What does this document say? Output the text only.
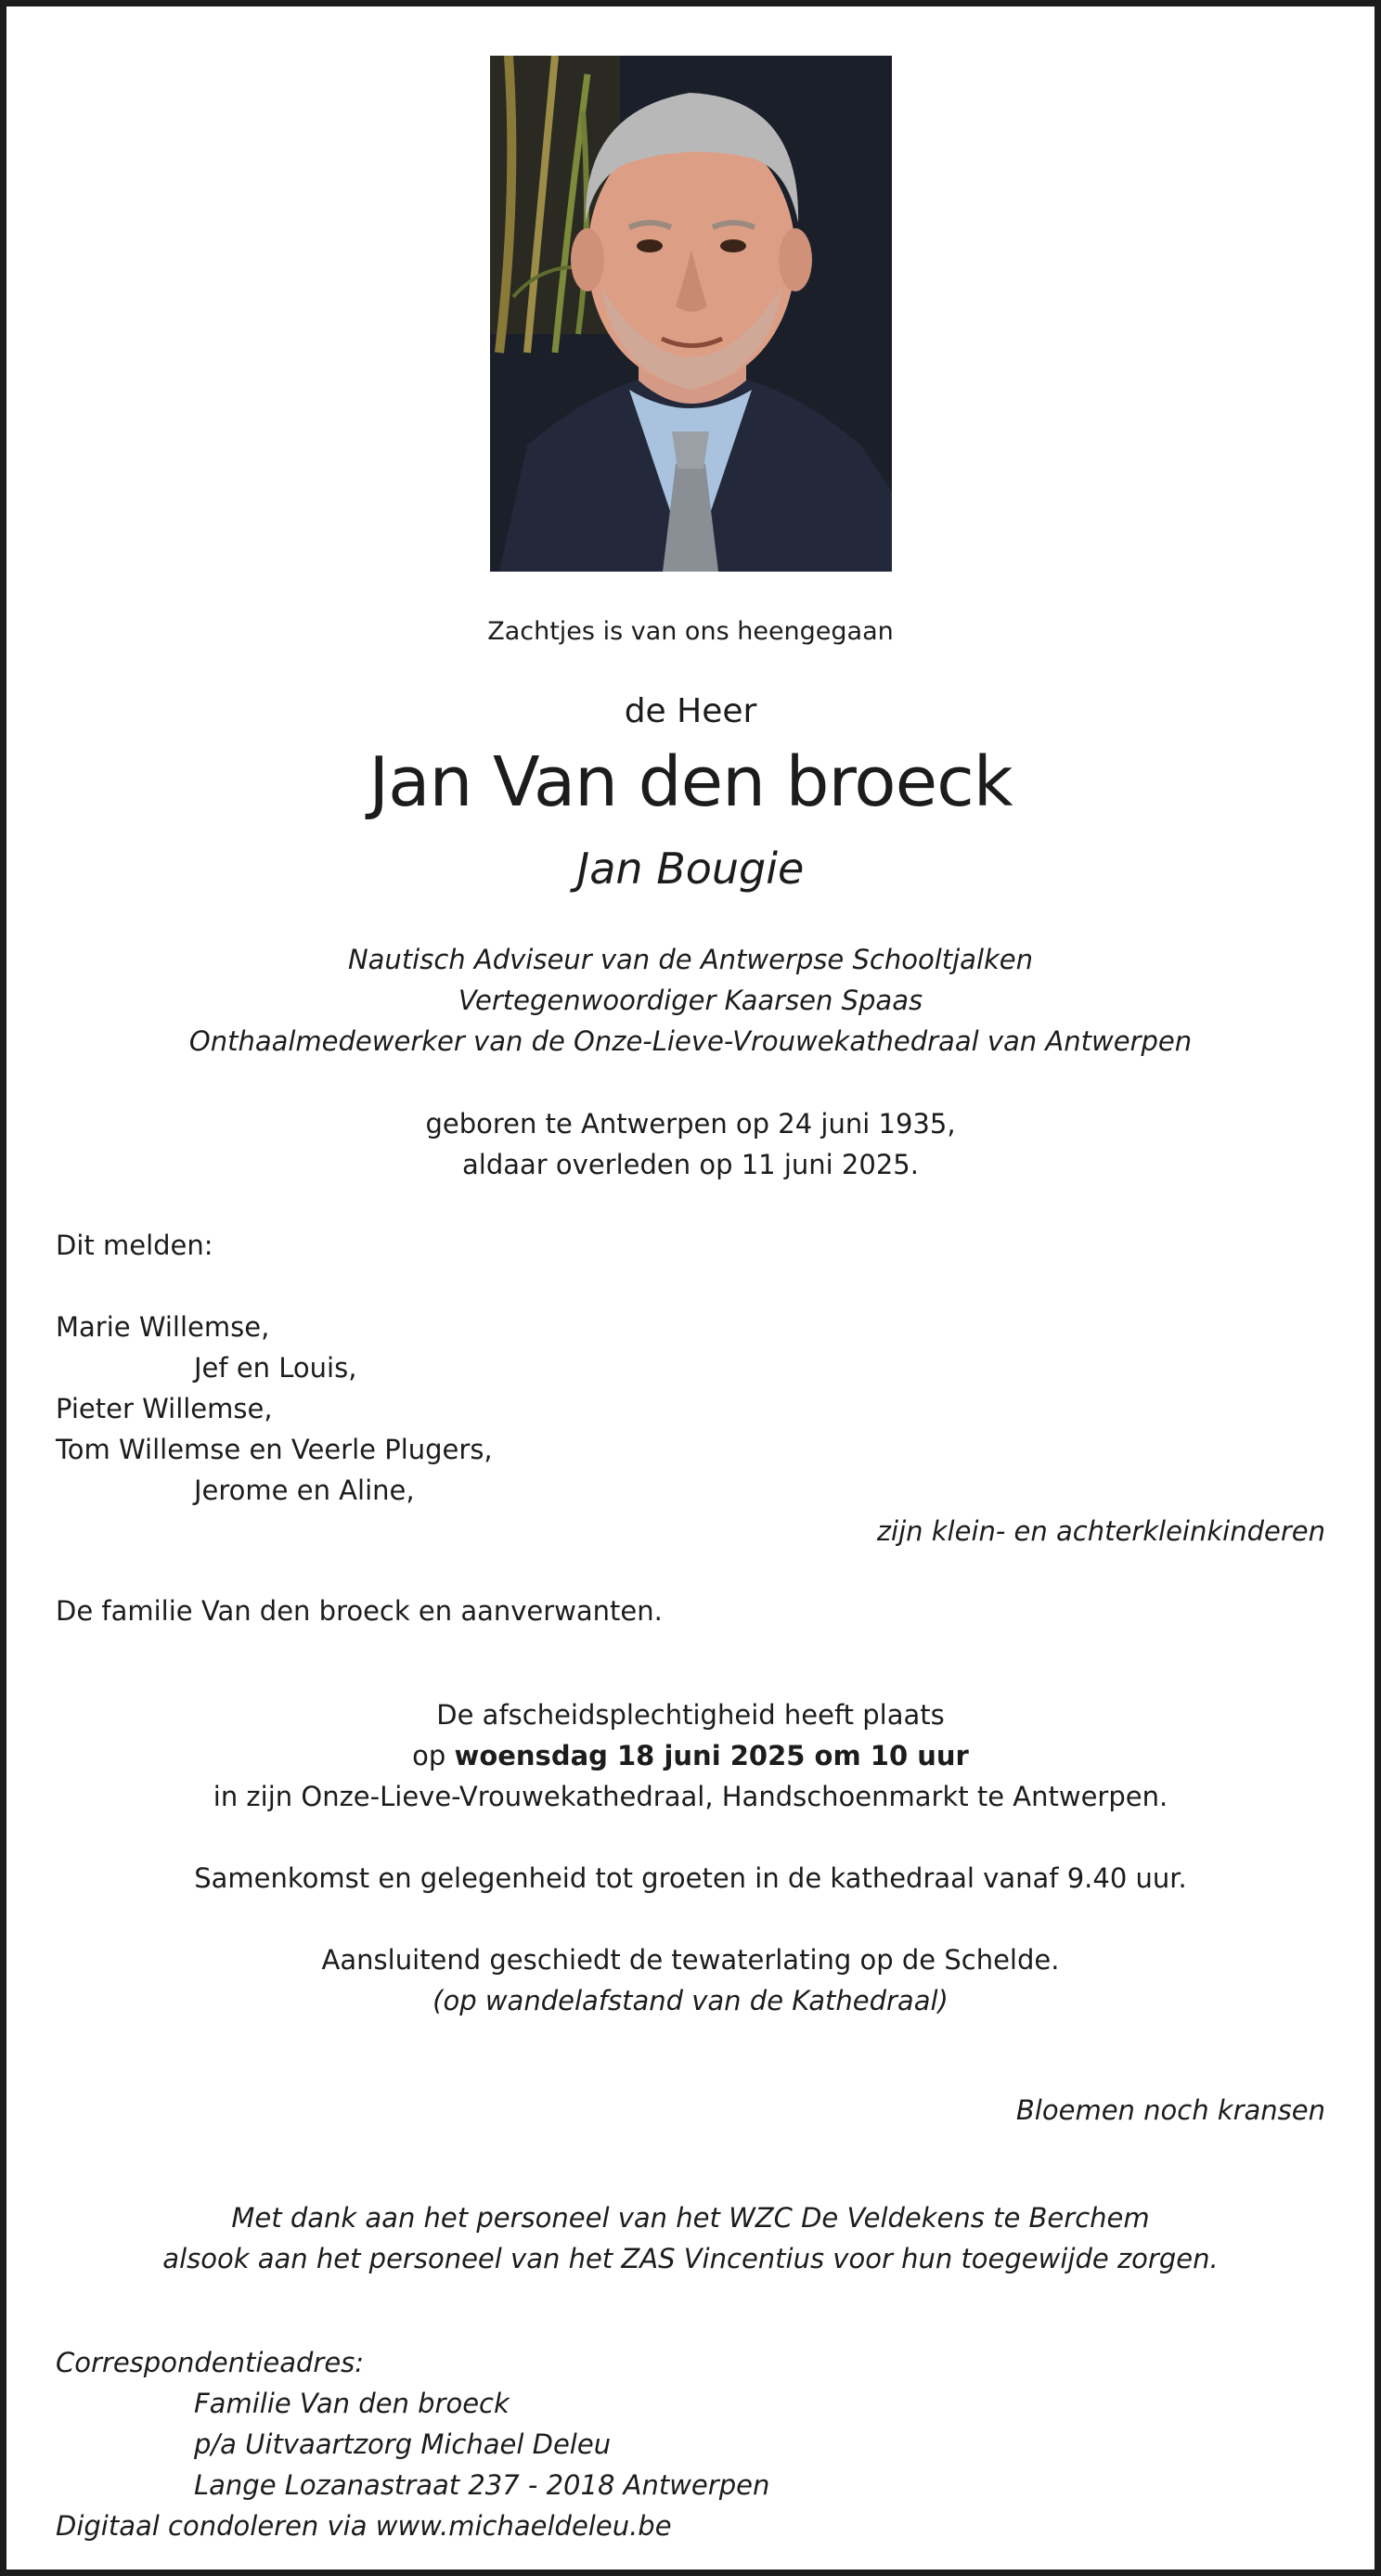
Zachtjes is van ons heengegaan
de Heer
Jan Van den broeck
Jan Bougie
Nautisch Adviseur van de Antwerpse Schooltjalken
Vertegenwoordiger Kaarsen Spaas
Onthaalmedewerker van de Onze-Lieve-Vrouwekathedraal van Antwerpen
geboren te Antwerpen op 24 juni 1935,
aldaar overleden op 11 juni 2025.
Dit melden:
Marie Willemse,
Jef en Louis,
Pieter Willemse,
Tom Willemse en Veerle Plugers,
Jerome en Aline,
zijn klein- en achterkleinkinderen
De familie Van den broeck en aanverwanten.
De afscheidsplechtigheid heeft plaats
op woensdag 18 juni 2025 om 10 uur
in zijn Onze-Lieve-Vrouwekathedraal, Handschoenmarkt te Antwerpen.
Samenkomst en gelegenheid tot groeten in de kathedraal vanaf 9.40 uur.
Aansluitend geschiedt de tewaterlating op de Schelde.
(op wandelafstand van de Kathedraal)
Bloemen noch kransen
Met dank aan het personeel van het WZC De Veldekens te Berchem
alsook aan het personeel van het ZAS Vincentius voor hun toegewijde zorgen.
Correspondentieadres:
Familie Van den broeck
p/a Uitvaartzorg Michael Deleu
Lange Lozanastraat 237 - 2018 Antwerpen
Digitaal condoleren via www.michaeldeleu.be
